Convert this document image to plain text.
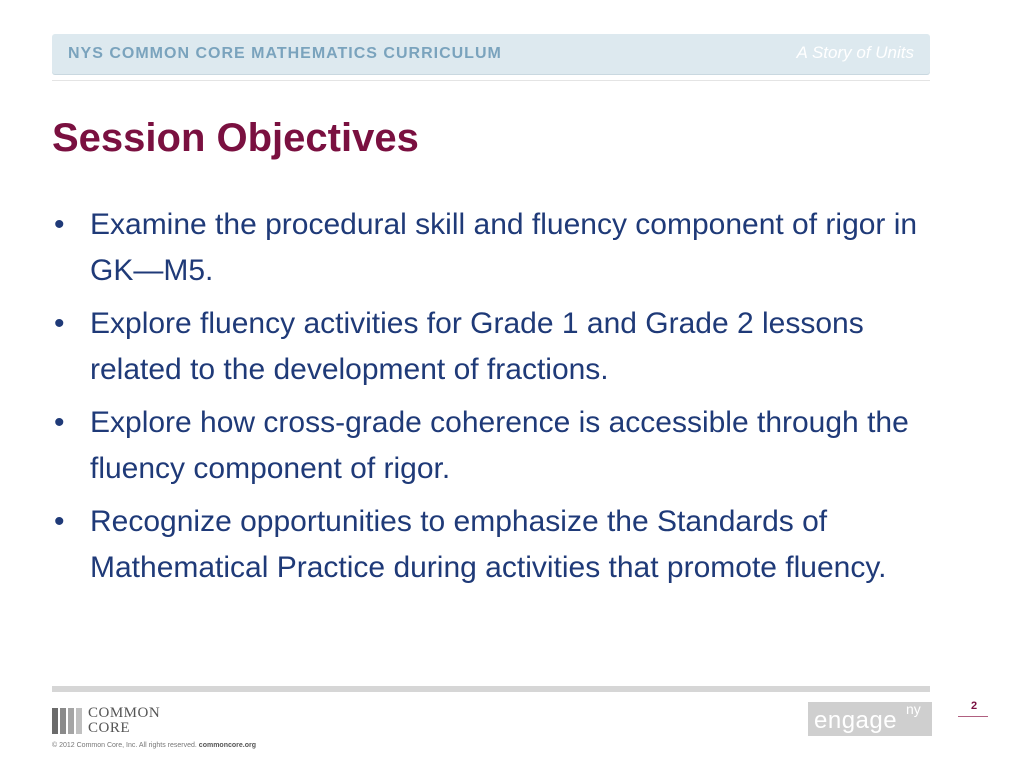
NYS COMMON CORE MATHEMATICS CURRICULUM	A Story of Units
Session Objectives
• Examine the procedural skill and fluency component of rigor in GK—M5.
• Explore fluency activities for Grade 1 and Grade 2 lessons related to the development of fractions.
• Explore how cross-grade coherence is accessible through the fluency component of rigor.
• Recognize opportunities to emphasize the Standards of Mathematical Practice during activities that promote fluency.
COMMON
CORE
© 2012 Common Core, Inc. All rights reserved. commoncore.org
engage ny	2
